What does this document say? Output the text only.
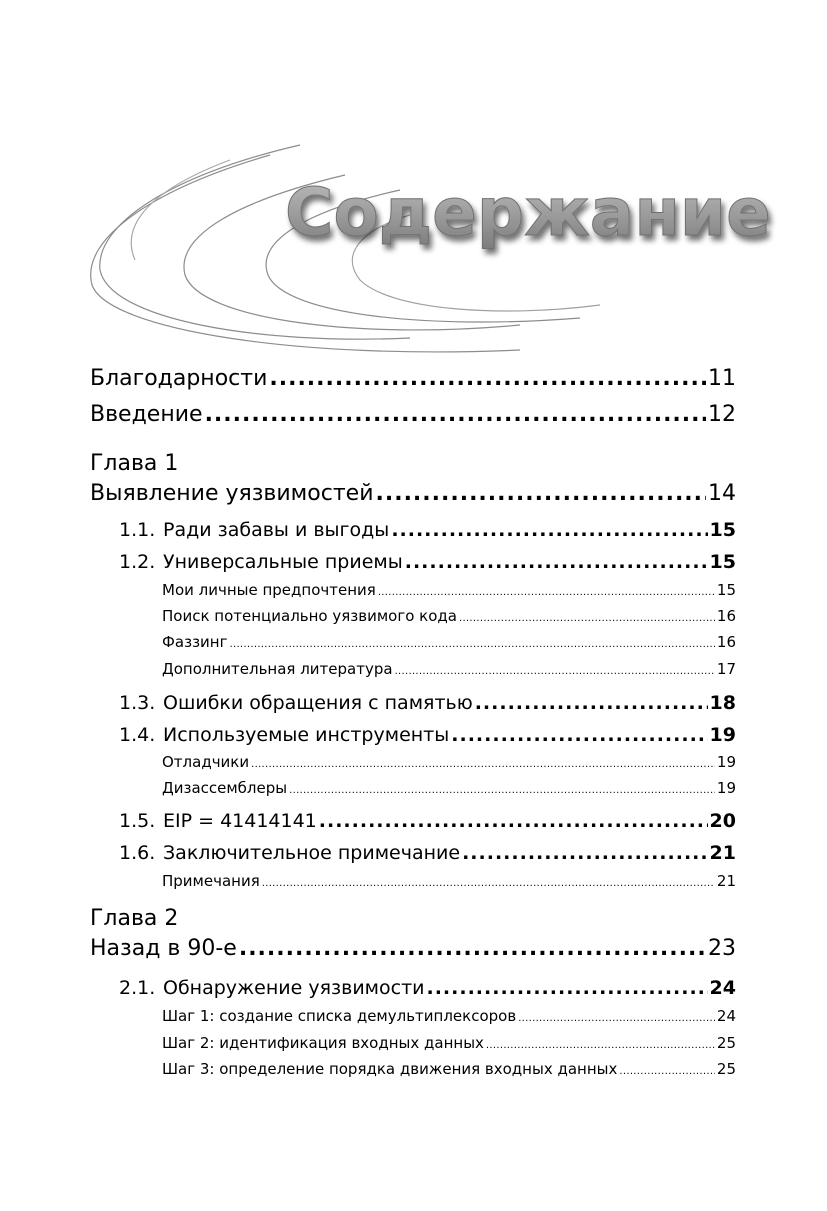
Содержание
Благодарности .....	11
Введение .....	12
Глава 1
Выявление уязвимостей .....	14
1.1. Ради забавы и выгоды .....	15
1.2. Универсальные приемы .....	15
Мои личные предпочтения .....	15
Поиск потенциально уязвимого кода .....	16
Фаззинг .....	16
Дополнительная литература .....	17
1.3. Ошибки обращения с памятью .....	18
1.4. Используемые инструменты .....	19
Отладчики .....	19
Дизассемблеры .....	19
1.5. EIP = 41414141 .....	20
1.6. Заключительное примечание .....	21
Примечания .....	21
Глава 2
Назад в 90-е .....	23
2.1. Обнаружение уязвимости .....	24
Шаг 1: создание списка демультиплексоров .....	24
Шаг 2: идентификация входных данных .....	25
Шаг 3: определение порядка движения входных данных .....	25
